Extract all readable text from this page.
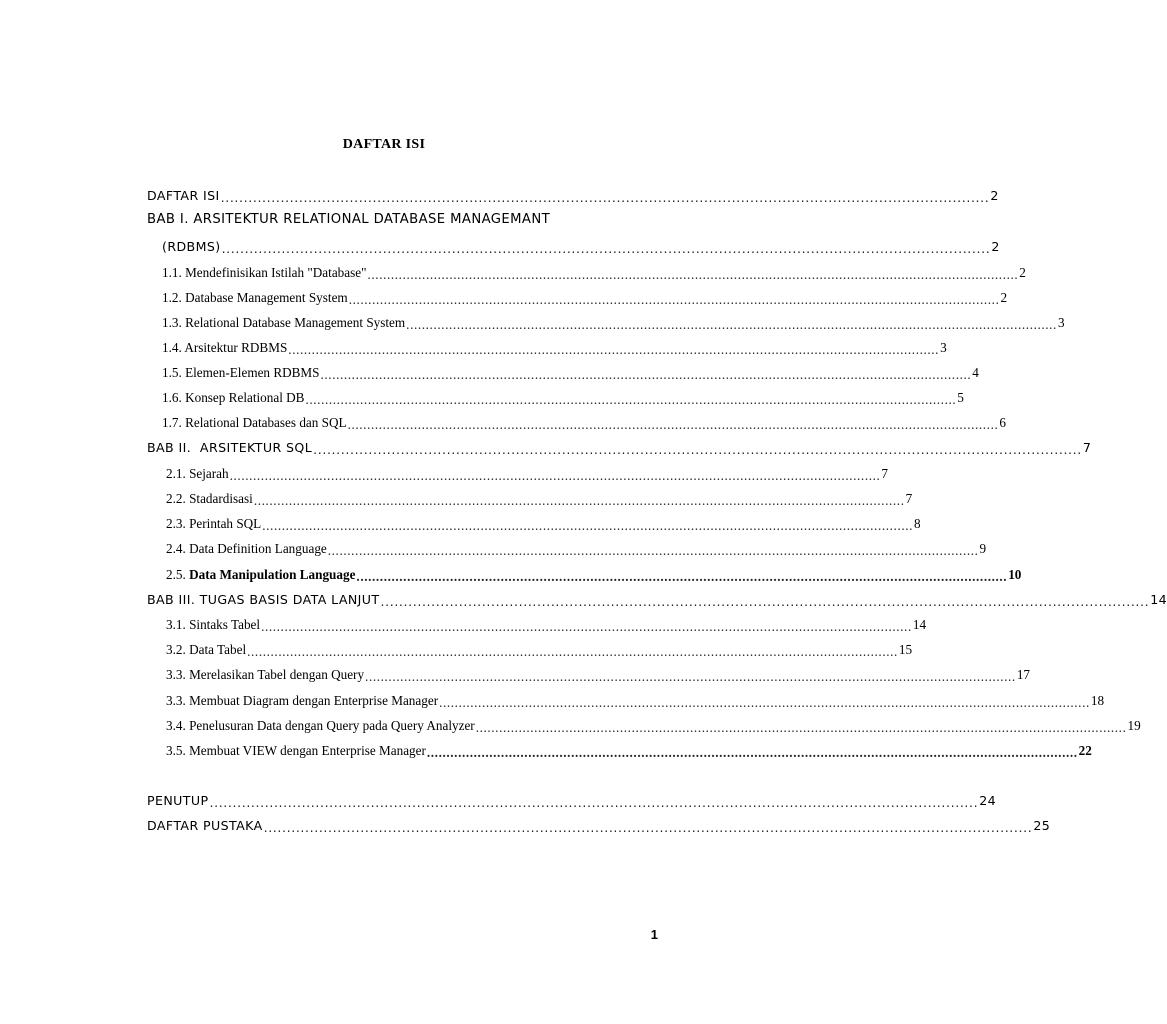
DAFTAR ISI
DAFTAR ISI ....................................................................................................................................................................... 2
BAB I. ARSITEKTUR RELATIONAL DATABASE MANAGEMANT
(RDBMS) ....................................................................................................................................................................... 2
1.1. Mendefinisikan Istilah "Database" ....................................................................................................................................................................... 2
1.2. Database Management System ....................................................................................................................................................................... 2
1.3. Relational Database Management System ....................................................................................................................................................................... 3
1.4. Arsitektur RDBMS ....................................................................................................................................................................... 3
1.5. Elemen-Elemen RDBMS ....................................................................................................................................................................... 4
1.6. Konsep Relational DB ....................................................................................................................................................................... 5
1.7. Relational Databases dan SQL ....................................................................................................................................................................... 6
BAB II.  ARSITEKTUR SQL ....................................................................................................................................................................... 7
2.1. Sejarah ....................................................................................................................................................................... 7
2.2. Stadardisasi ....................................................................................................................................................................... 7
2.3. Perintah SQL ....................................................................................................................................................................... 8
2.4. Data Definition Language ....................................................................................................................................................................... 9
2.5. Data Manipulation Language ....................................................................................................................................................................... 10
BAB III. TUGAS BASIS DATA LANJUT ....................................................................................................................................................................... 14
3.1. Sintaks Tabel ....................................................................................................................................................................... 14
3.2. Data Tabel ....................................................................................................................................................................... 15
3.3. Merelasikan Tabel dengan Query ....................................................................................................................................................................... 17
3.3. Membuat Diagram dengan Enterprise Manager ....................................................................................................................................................................... 18
3.4. Penelusuran Data dengan Query pada Query Analyzer ....................................................................................................................................................................... 19
3.5. Membuat VIEW dengan Enterprise Manager ....................................................................................................................................................................... 22
PENUTUP ....................................................................................................................................................................... 24
DAFTAR PUSTAKA ....................................................................................................................................................................... 25
1
